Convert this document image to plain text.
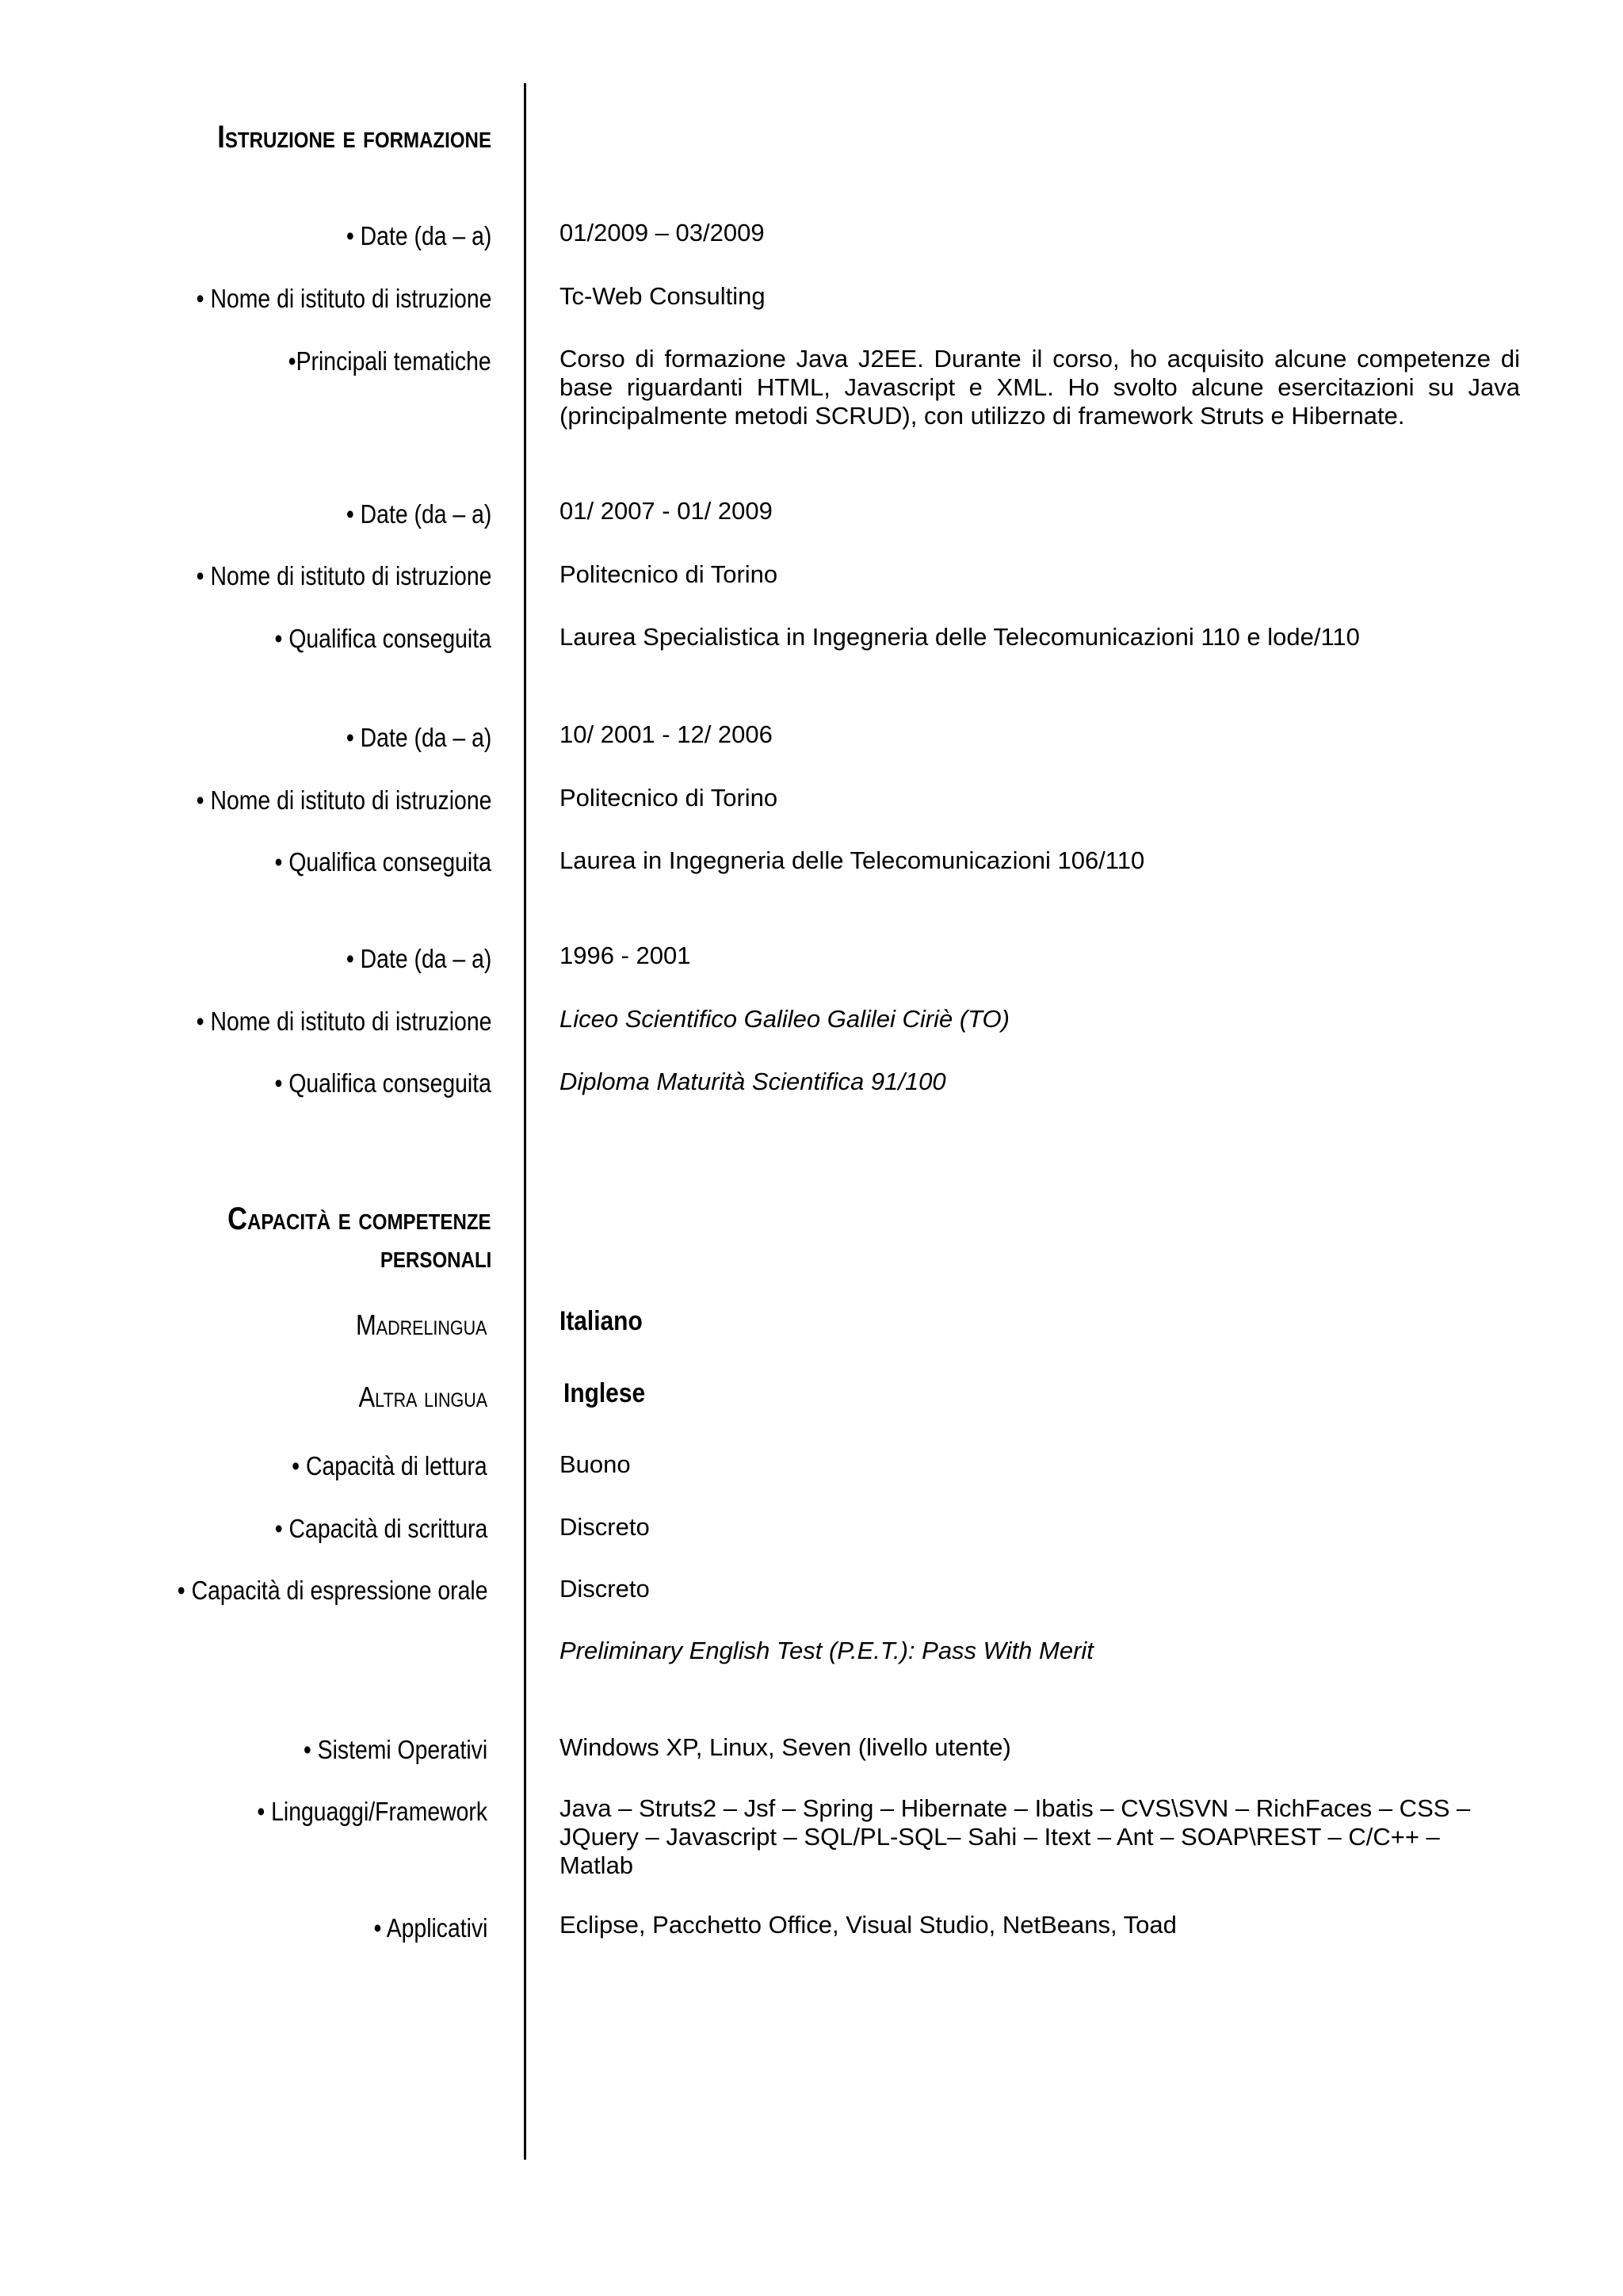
Istruzione e formazione
• Date (da – a)	01/2009 – 03/2009
• Nome di istituto di istruzione	Tc-Web Consulting
•Principali tematiche	Corso di formazione Java J2EE. Durante il corso, ho acquisito alcune competenze di base riguardanti HTML, Javascript e XML. Ho svolto alcune esercitazioni su Java (principalmente metodi SCRUD), con utilizzo di framework Struts e Hibernate.
• Date (da – a)	01/ 2007 - 01/ 2009
• Nome di istituto di istruzione	Politecnico di Torino
• Qualifica conseguita	Laurea Specialistica in Ingegneria delle Telecomunicazioni 110 e lode/110
• Date (da – a)	10/ 2001 - 12/ 2006
• Nome di istituto di istruzione	Politecnico di Torino
• Qualifica conseguita	Laurea in Ingegneria delle Telecomunicazioni 106/110
• Date (da – a)	1996 - 2001
• Nome di istituto di istruzione	Liceo Scientifico Galileo Galilei Ciriè (TO)
• Qualifica conseguita	Diploma Maturità Scientifica 91/100
Capacità e competenze
personali
Madrelingua	Italiano
Altra lingua	Inglese
• Capacità di lettura	Buono
• Capacità di scrittura	Discreto
• Capacità di espressione orale	Discreto
Preliminary English Test (P.E.T.): Pass With Merit
• Sistemi Operativi	Windows XP, Linux, Seven (livello utente)
• Linguaggi/Framework	Java – Struts2 – Jsf – Spring – Hibernate – Ibatis – CVS\SVN – RichFaces – CSS – JQuery – Javascript – SQL/PL-SQL– Sahi – Itext – Ant – SOAP\REST – C/C++ – Matlab
• Applicativi	Eclipse, Pacchetto Office, Visual Studio, NetBeans, Toad
